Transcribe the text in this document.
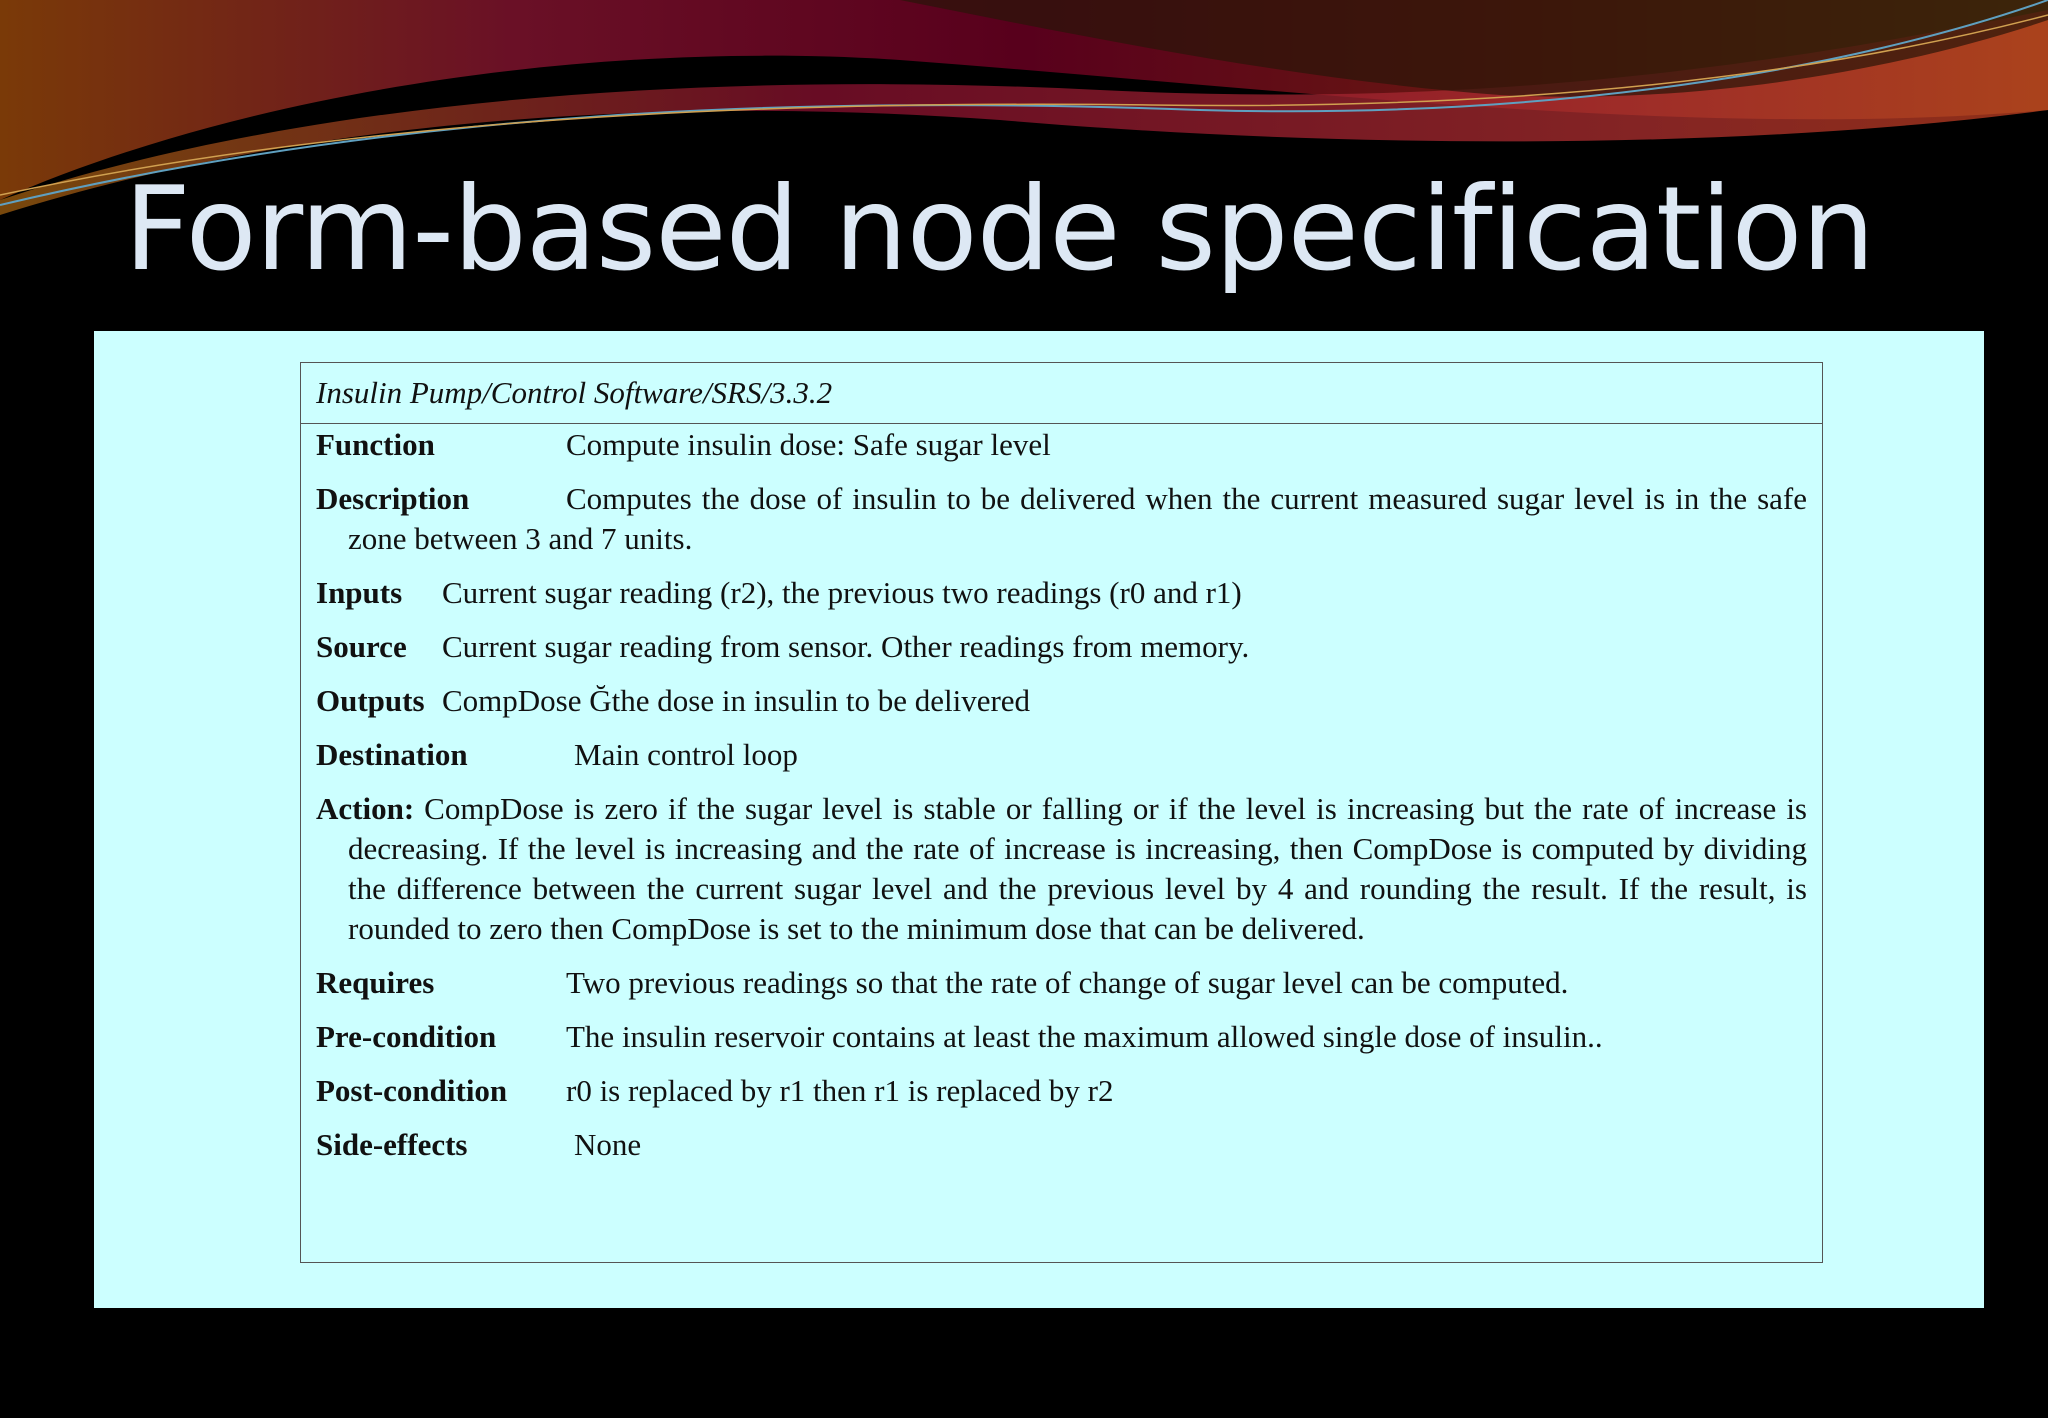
Form-based node specification
Insulin Pump/Control Software/SRS/3.3.2
Function	Compute insulin dose: Safe sugar level
Description	Computes the dose of insulin to be delivered when the current measured sugar level is in the safe zone between 3 and 7 units.
Inputs Current sugar reading (r2), the previous two readings (r0 and r1)
Source Current sugar reading from sensor. Other readings from memory.
Outputs CompDose Ğthe dose in insulin to be delivered
Destination	Main control loop
Action: CompDose is zero if the sugar level is stable or falling or if the level is increasing but the rate of increase is decreasing. If the level is increasing and the rate of increase is increasing, then CompDose is computed by dividing the difference between the current sugar level and the previous level by 4 and rounding the result. If the result, is rounded to zero then CompDose is set to the minimum dose that can be delivered.
Requires	Two previous readings so that the rate of change of sugar level can be computed.
Pre-condition The insulin reservoir contains at least the maximum allowed single dose of insulin..
Post-condition r0 is replaced by r1 then r1 is replaced by r2
Side-effects	None
